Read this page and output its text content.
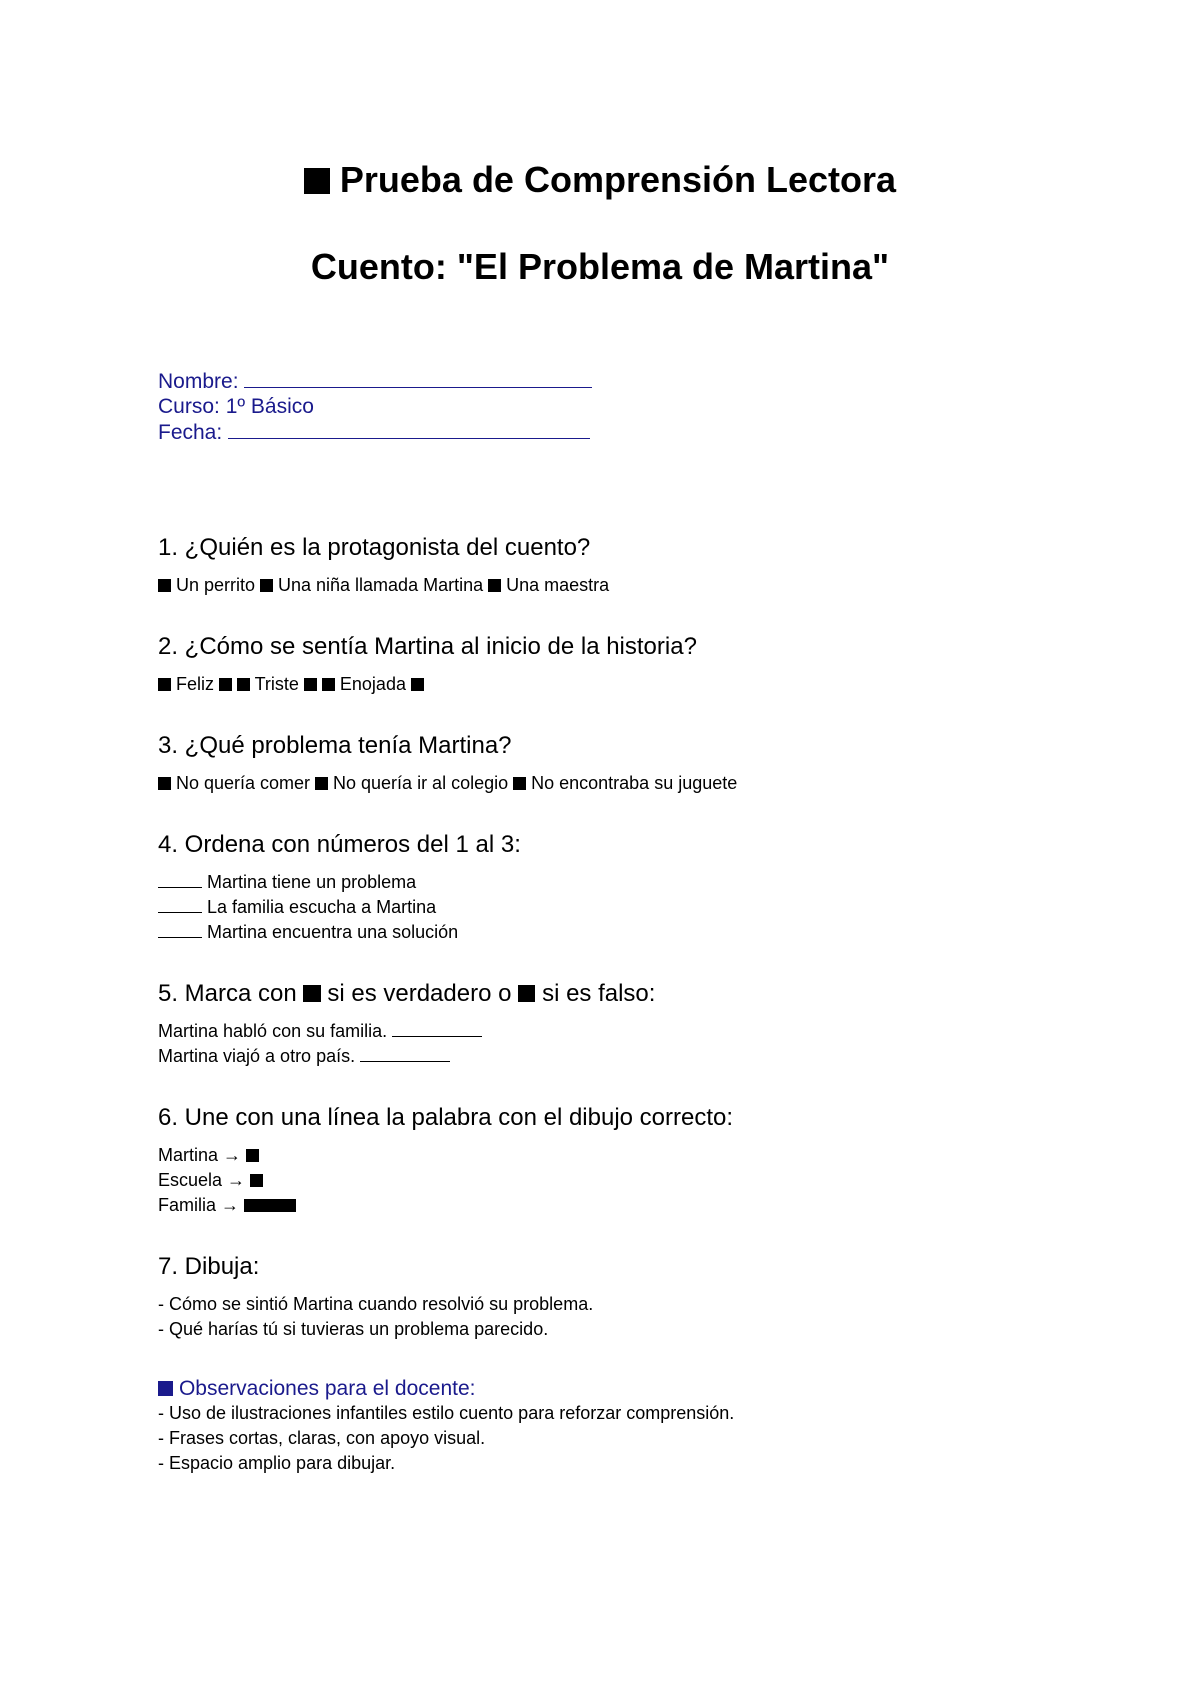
Prueba de Comprensión Lectora
Cuento: "El Problema de Martina"

Nombre:

Curso: 1º Básico

Fecha:

1. ¿Quién es la protagonista del cuento?

Un perrito Una niña llamada Martina Una maestra

2. ¿Cómo se sentía Martina al inicio de la historia?

Feliz Triste Enojada

3. ¿Qué problema tenía Martina?

No quería comer No quería ir al colegio No encontraba su juguete

4. Ordena con números del 1 al 3:

Martina tiene un problema
La familia escucha a Martina
Martina encuentra una solución

5. Marca con si es verdadero o si es falso:

Martina habló con su familia.
Martina viajó a otro país.

6. Une con una línea la palabra con el dibujo correcto:

Martina →
Escuela →
Familia →

7. Dibuja:

- Cómo se sintió Martina cuando resolvió su problema.
- Qué harías tú si tuvieras un problema parecido.

Observaciones para el docente:

- Uso de ilustraciones infantiles estilo cuento para reforzar comprensión.
- Frases cortas, claras, con apoyo visual.
- Espacio amplio para dibujar.
